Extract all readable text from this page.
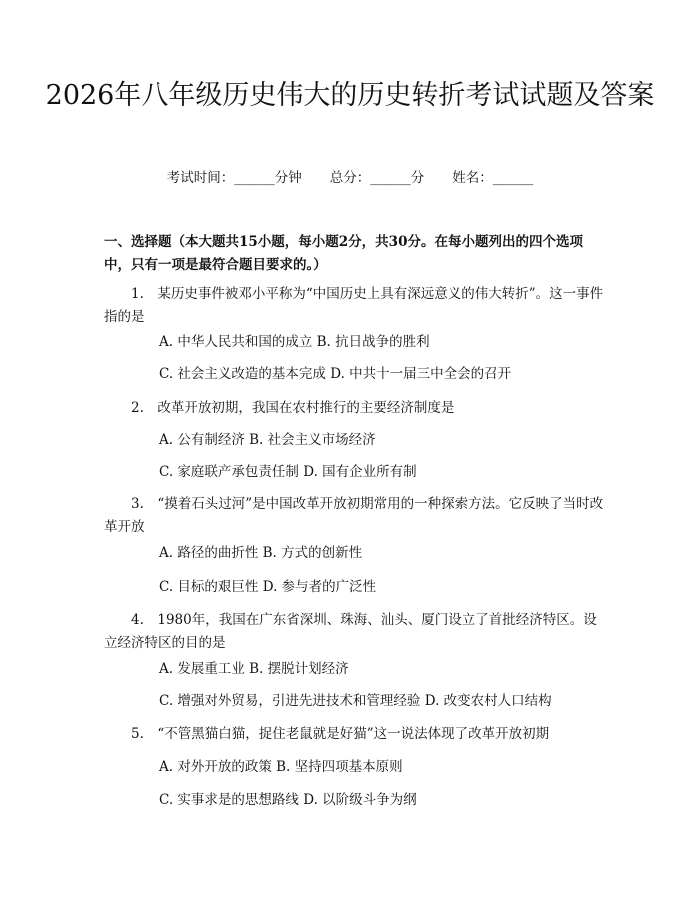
2026年八年级历史伟大的历史转折考试试题及答案
考试时间：______分钟 总分：______分 姓名：______
一、选择题（本大题共15小题，每小题2分，共30分。在每小题列出的四个选项中，只有一项是最符合题目要求的。）
1.　某历史事件被邓小平称为“中国历史上具有深远意义的伟大转折”。这一事件指的是
A. 中华人民共和国的成立 B. 抗日战争的胜利
C. 社会主义改造的基本完成 D. 中共十一届三中全会的召开
2.　改革开放初期，我国在农村推行的主要经济制度是
A. 公有制经济 B. 社会主义市场经济
C. 家庭联产承包责任制 D. 国有企业所有制
3.　“摸着石头过河”是中国改革开放初期常用的一种探索方法。它反映了当时改革开放
A. 路径的曲折性 B. 方式的创新性
C. 目标的艰巨性 D. 参与者的广泛性
4.　1980年，我国在广东省深圳、珠海、汕头、厦门设立了首批经济特区。设立经济特区的目的是
A. 发展重工业 B. 摆脱计划经济
C. 增强对外贸易，引进先进技术和管理经验 D. 改变农村人口结构
5.　“不管黑猫白猫，捉住老鼠就是好猫”这一说法体现了改革开放初期
A. 对外开放的政策 B. 坚持四项基本原则
C. 实事求是的思想路线 D. 以阶级斗争为纲
